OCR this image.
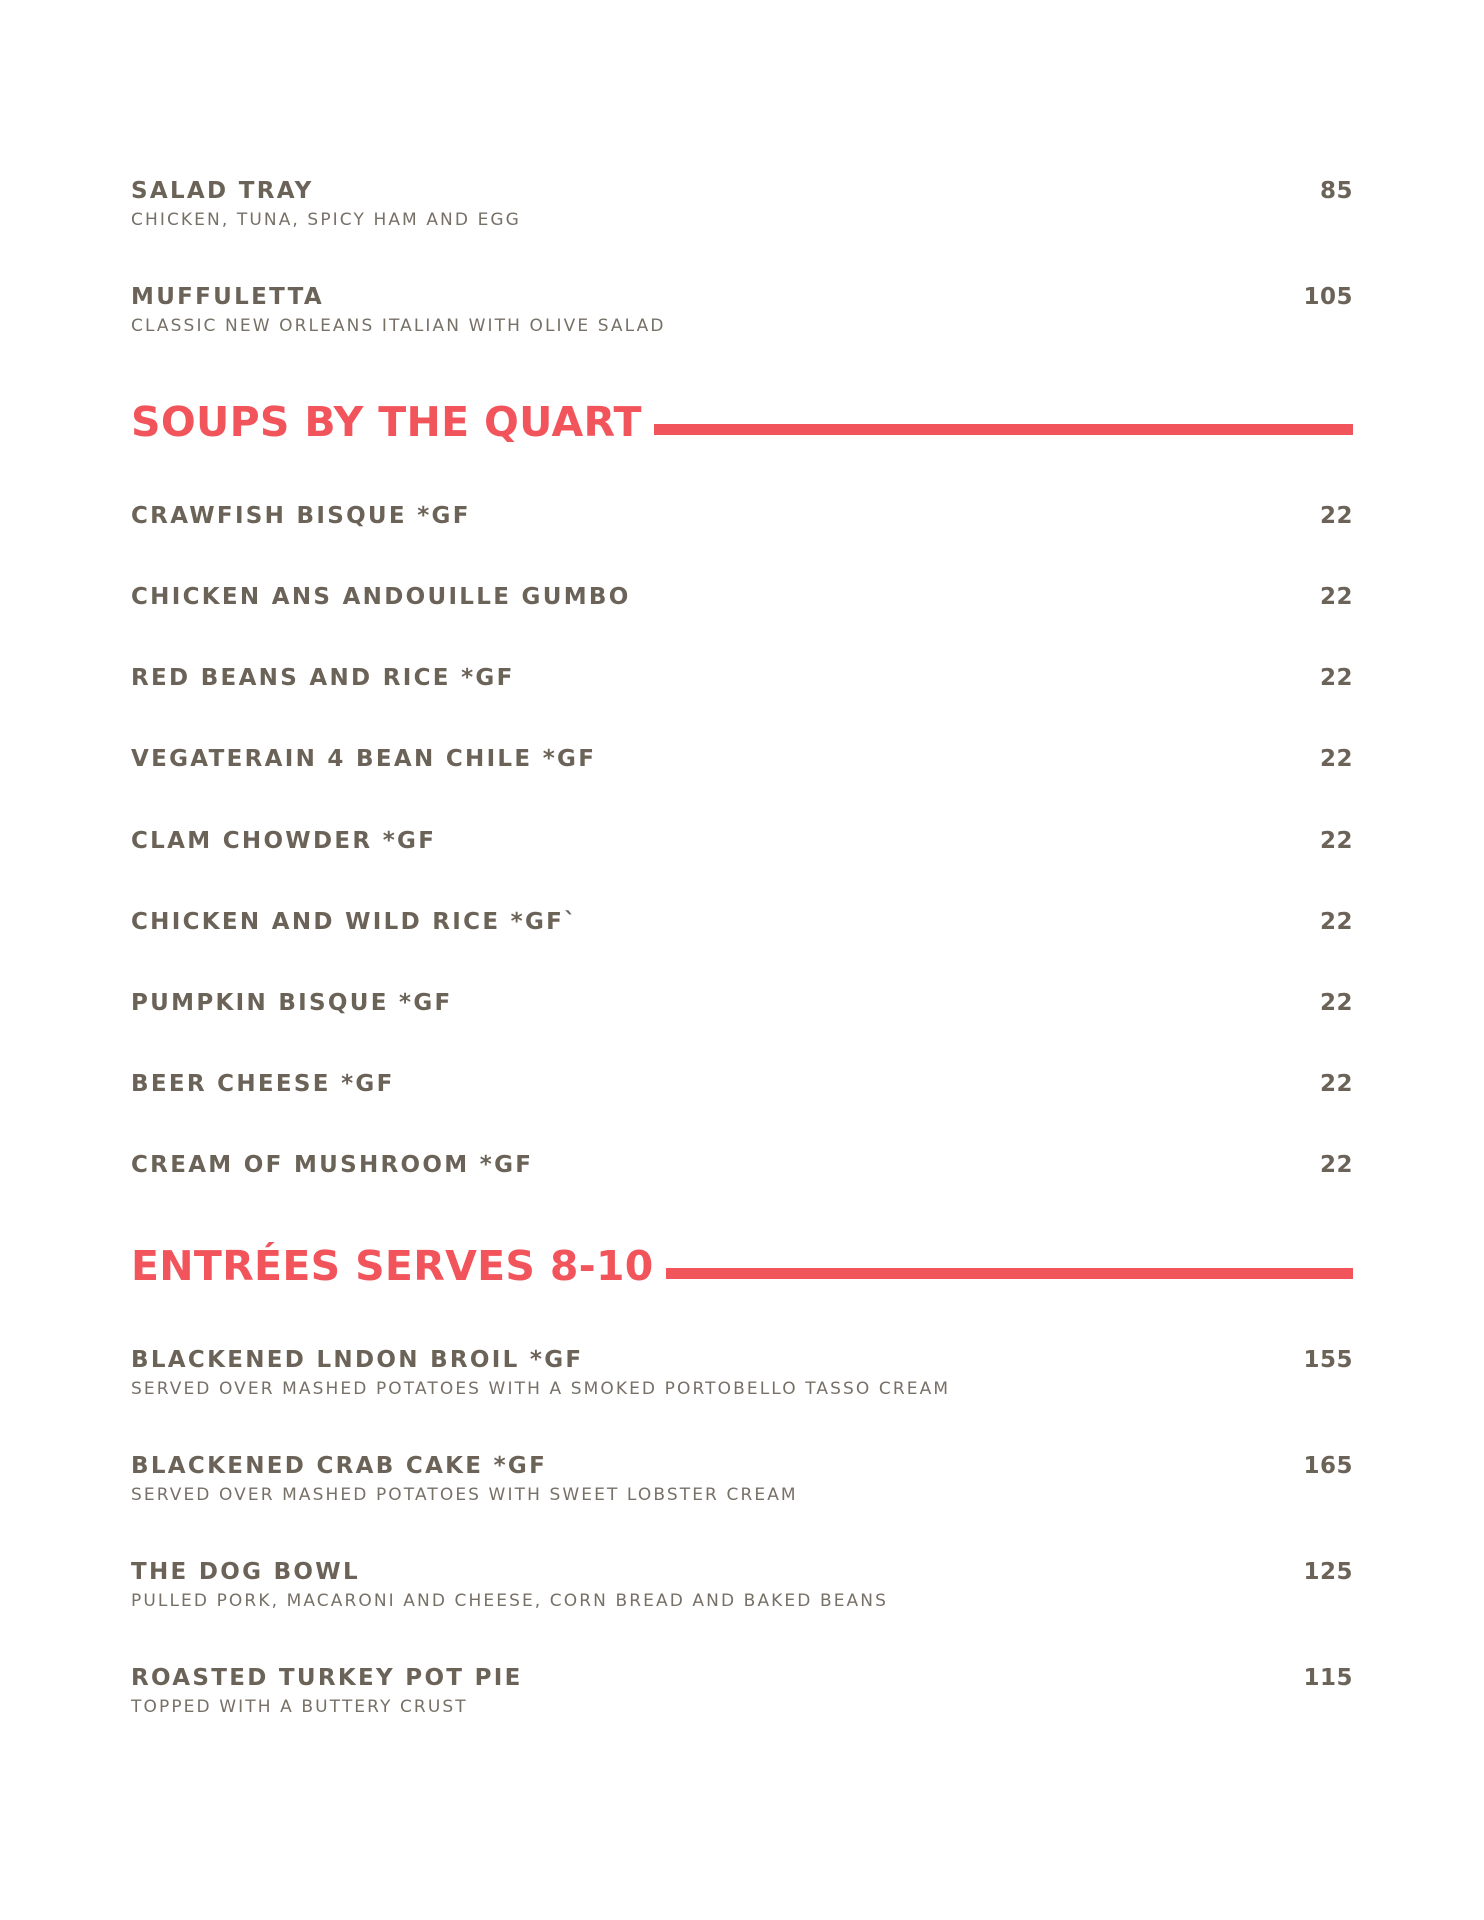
SALAD TRAY	85
CHICKEN, TUNA, SPICY HAM AND EGG
MUFFULETTA	105
CLASSIC NEW ORLEANS ITALIAN WITH OLIVE SALAD
SOUPS BY THE QUART
CRAWFISH BISQUE *GF	22
CHICKEN ANS ANDOUILLE GUMBO	22
RED BEANS AND RICE *GF	22
VEGATERAIN 4 BEAN CHILE *GF	22
CLAM CHOWDER *GF	22
CHICKEN AND WILD RICE *GF`	22
PUMPKIN BISQUE *GF	22
BEER CHEESE *GF	22
CREAM OF MUSHROOM *GF	22
ENTRÉES SERVES 8-10
BLACKENED LNDON BROIL *GF	155
SERVED OVER MASHED POTATOES WITH A SMOKED PORTOBELLO TASSO CREAM
BLACKENED CRAB CAKE *GF	165
SERVED OVER MASHED POTATOES WITH SWEET LOBSTER CREAM
THE DOG BOWL	125
PULLED PORK, MACARONI AND CHEESE, CORN BREAD AND BAKED BEANS
ROASTED TURKEY POT PIE	115
TOPPED WITH A BUTTERY CRUST
